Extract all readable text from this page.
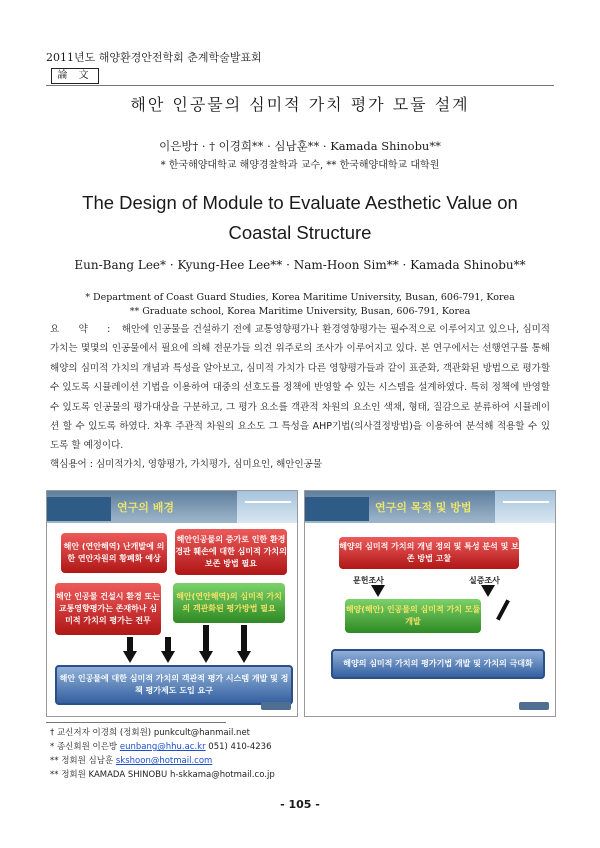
2011년도 해양환경안전학회 춘계학술발표회
論 文
해안 인공물의 심미적 가치 평가 모듈 설계
이은방† · † 이경희** · 심남훈** · Kamada Shinobu**
* 한국해양대학교 해양경찰학과 교수, ** 한국해양대학교 대학원
The Design of Module to Evaluate Aesthetic Value on Coastal Structure
Eun-Bang Lee* · Kyung-Hee Lee** · Nam-Hoon Sim** · Kamada Shinobu**
* Department of Coast Guard Studies, Korea Maritime University, Busan, 606-791, Korea
** Graduate school, Korea Maritime University, Busan, 606-791, Korea
요 약 : 해안에 인공물을 건설하기 전에 교통영향평가나 환경영향평가는 필수적으로 이루어지고 있으나, 심미적 가치는 몇몇의 인공물에서 필요에 의해 전문가들 의견 위주로의 조사가 이루어지고 있다. 본 연구에서는 선행연구를 통해 해양의 심미적 가치의 개념과 특성을 알아보고, 심미적 가치가 다른 영향평가들과 같이 표준화, 객관화된 방법으로 평가할 수 있도록 시뮬레이션 기법을 이용하여 대중의 선호도를 정책에 반영할 수 있는 시스템을 설계하였다. 특히 정책에 반영할 수 있도록 인공물의 평가대상을 구분하고, 그 평가 요소를 객관적 차원의 요소인 색채, 형태, 질감으로 분류하여 시뮬레이션 할 수 있도록 하였다. 차후 주관적 차원의 요소도 그 특성을 AHP기법(의사결정방법)을 이용하여 분석해 적용할 수 있도록 할 예정이다.
핵심용어 : 심미적가치, 영향평가, 가치평가, 심미요인, 해안인공물
연구의 배경
해안 (연안해역) 난개발에 의한 연안자원의 황폐화 예상
해안인공물의 증가로 인한 환경 경관 훼손에 대한 심미적 가치의 보존 방법 필요
해안 인공물 건설시 환경 또는 교통영향평가는 존재하나 심미적 가치의 평가는 전무
해안(연안해역)의 심미적 가치의 객관화된 평가방법 필요
해안 인공물에 대한 심미적 가치의 객관적 평가 시스템 개발 및 정책 평가제도 도입 요구
연구의 목적 및 방법
해양의 심미적 가치의 개념 정의 및 특성 분석 및 보존 방법 고찰
문헌조사	실증조사
해양(해안) 인공물의 심미적 가치 모듈 개발
해양의 심미적 가치의 평가기법 개발 및 가치의 극대화
† 교신저자 이경희 (정회원) punkcult@hanmail.net
* 종신회원 이은방 eunbang@hhu.ac.kr 051) 410-4236
** 정회원 심남훈 skshoon@hotmail.com
** 정회원 KAMADA SHINOBU h-skkama@hotmail.co.jp
- 105 -
